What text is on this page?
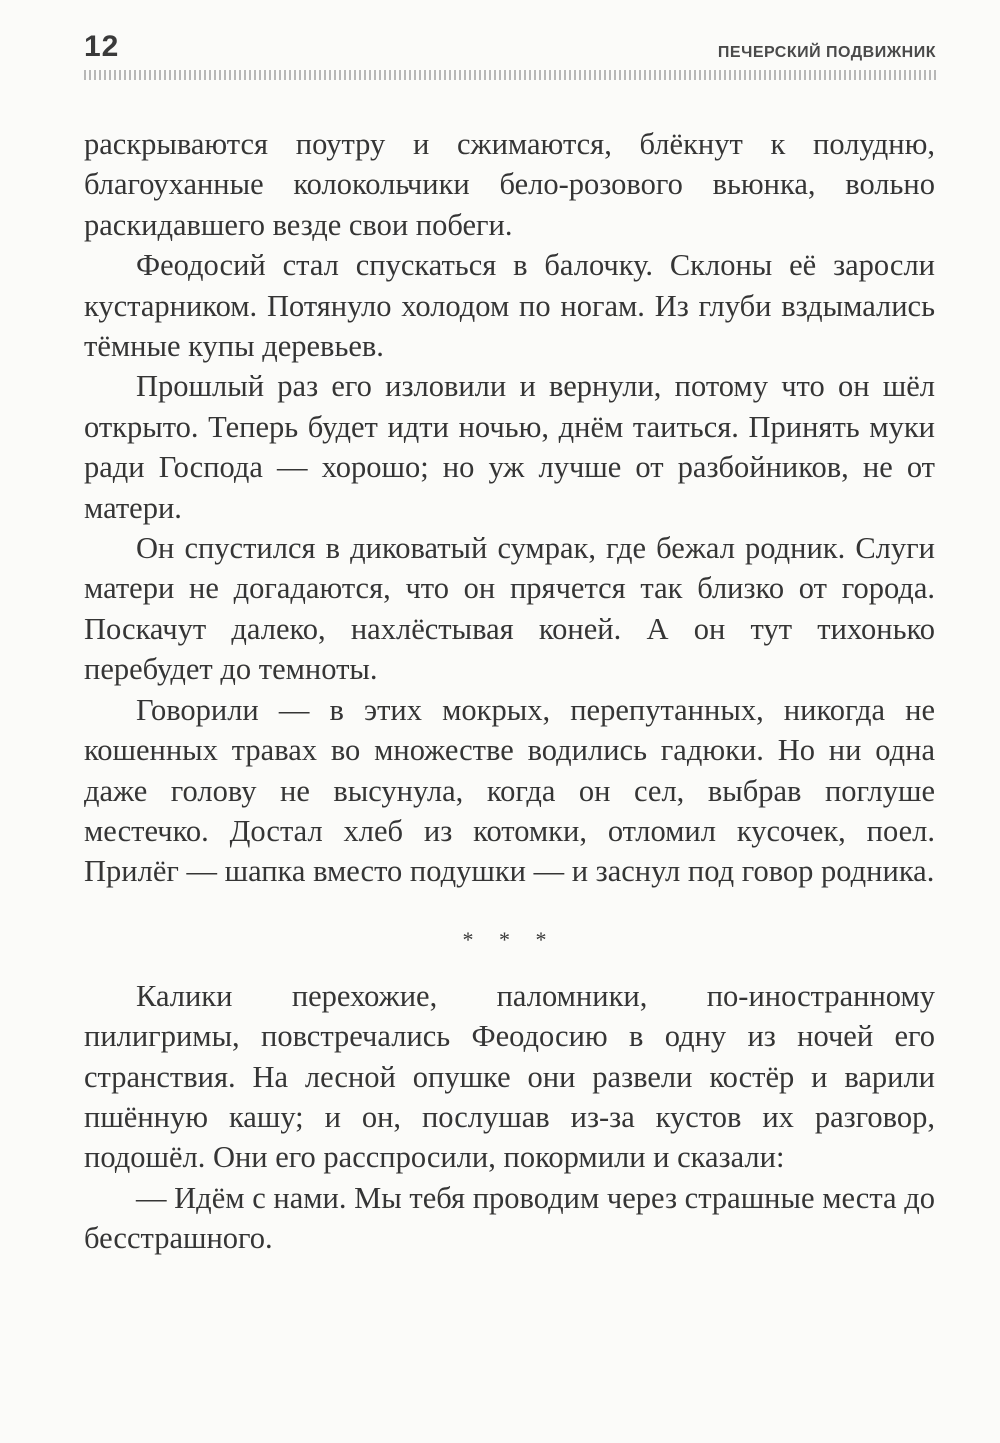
12	ПЕЧЕРСКИЙ ПОДВИЖНИК

раскрываются поутру и сжимаются, блёкнут к полудню, благоуханные колокольчики бело-розового вьюнка, вольно раскидавшего везде свои побеги.

Феодосий стал спускаться в балочку. Склоны её заросли кустарником. Потянуло холодом по ногам. Из глуби вздымались тёмные купы деревьев.

Прошлый раз его изловили и вернули, потому что он шёл открыто. Теперь будет идти ночью, днём таиться. Принять муки ради Господа — хорошо; но уж лучше от разбойников, не от матери.

Он спустился в диковатый сумрак, где бежал родник. Слуги матери не догадаются, что он прячется так близко от города. Поскачут далеко, нахлёстывая коней. А он тут тихонько перебудет до темноты.

Говорили — в этих мокрых, перепутанных, никогда не кошенных травах во множестве водились гадюки. Но ни одна даже голову не высунула, когда он сел, выбрав поглуше местечко. Достал хлеб из котомки, отломил кусочек, поел. Прилёг — шапка вместо подушки — и заснул под говор родника.

* * *

Калики перехожие, паломники, по-иностранному пилигримы, повстречались Феодосию в одну из ночей его странствия. На лесной опушке они развели костёр и варили пшённую кашу; и он, послушав из-за кустов их разговор, подошёл. Они его расспросили, покормили и сказали:

— Идём с нами. Мы тебя проводим через страшные места до бесстрашного.
